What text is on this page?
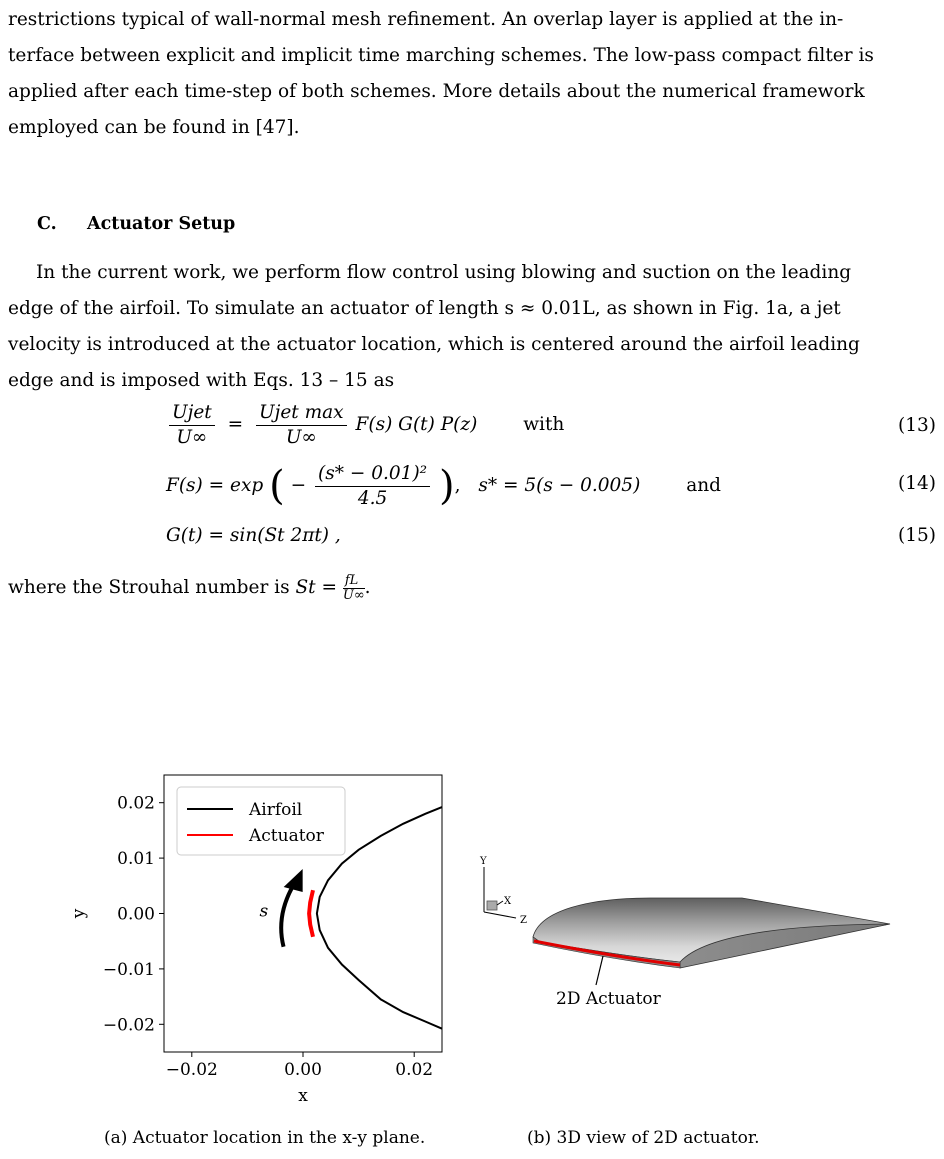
restrictions typical of wall-normal mesh refinement. An overlap layer is applied at the in-
terface between explicit and implicit time marching schemes. The low-pass compact filter is
applied after each time-step of both schemes. More details about the numerical framework
employed can be found in [47].
C. Actuator Setup
In the current work, we perform flow control using blowing and suction on the leading
edge of the airfoil. To simulate an actuator of length s ≈ 0.01L, as shown in Fig. 1a, a jet
velocity is introduced at the actuator location, which is centered around the airfoil leading
edge and is imposed with Eqs. 13 – 15 as
$\frac{\text{Ujet}}{U\infty} = \frac{\text{Ujet max}}{U\infty} F(s)$ G(t) P(z) with	(13)
F(s) = exp ( − $\frac{\text{(s* − 0.01)²}}{4.5}$ ), s* = 5(s − 0.005) and	(14)
G(t) = sin(St 2πt) ,	(15)
where the Strouhal number is $St = \frac{fL}{U\infty}$ .
−0.02	0.00	0.02
0.02
0.01
0.00
−0.01
−0.02
x
y	s
Airfoil
Actuator
Y
X
Z
2D Actuator
(a) Actuator location in the x-y plane.	(b) 3D view of 2D actuator.
